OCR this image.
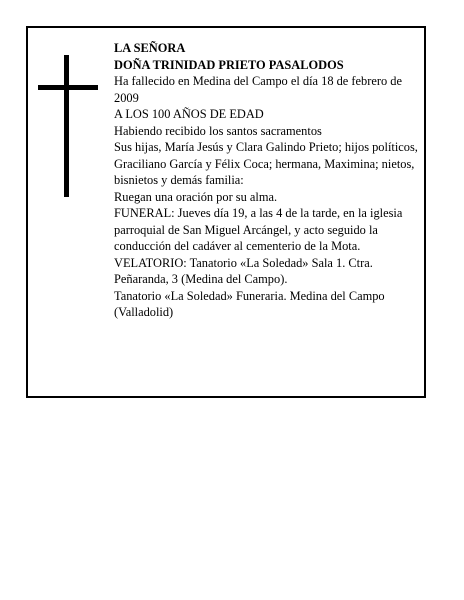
LA SEÑORA

DOÑA TRINIDAD PRIETO PASALODOS

Ha fallecido en Medina del Campo el día 18 de febrero de 2009

A LOS 100 AÑOS DE EDAD

Habiendo recibido los santos sacramentos

Sus hijas, María Jesús y Clara Galindo Prieto; hijos políticos, Graciliano García y Félix Coca; hermana, Maximina; nietos, bisnietos y demás familia:

Ruegan una oración por su alma.

FUNERAL: Jueves día 19, a las 4 de la tarde, en la iglesia parroquial de San Miguel Arcángel, y acto seguido la conducción del cadáver al cementerio de la Mota.

VELATORIO: Tanatorio «La Soledad» Sala 1. Ctra. Peñaranda, 3 (Medina del Campo).

Tanatorio «La Soledad» Funeraria. Medina del Campo (Valladolid)
